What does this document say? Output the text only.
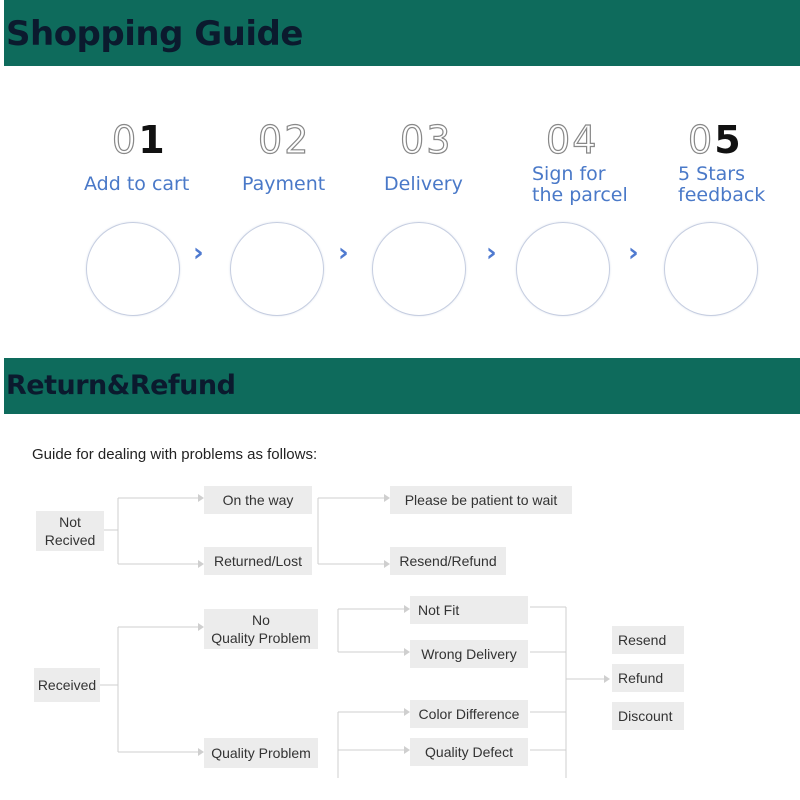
Shopping Guide
01
Add to cart
›
02
Payment
›
03
Delivery
›
04
Sign for
the parcel
›
05
5 Stars
feedback
Return&Refund
Guide for dealing with problems as follows:
Not
Recived
On the way
Returned/Lost
Please be patient to wait
Resend/Refund
Received
No
Quality Problem
Quality Problem
Not Fit
Wrong Delivery
Color Difference
Quality Defect
Resend
Refund
Discount
